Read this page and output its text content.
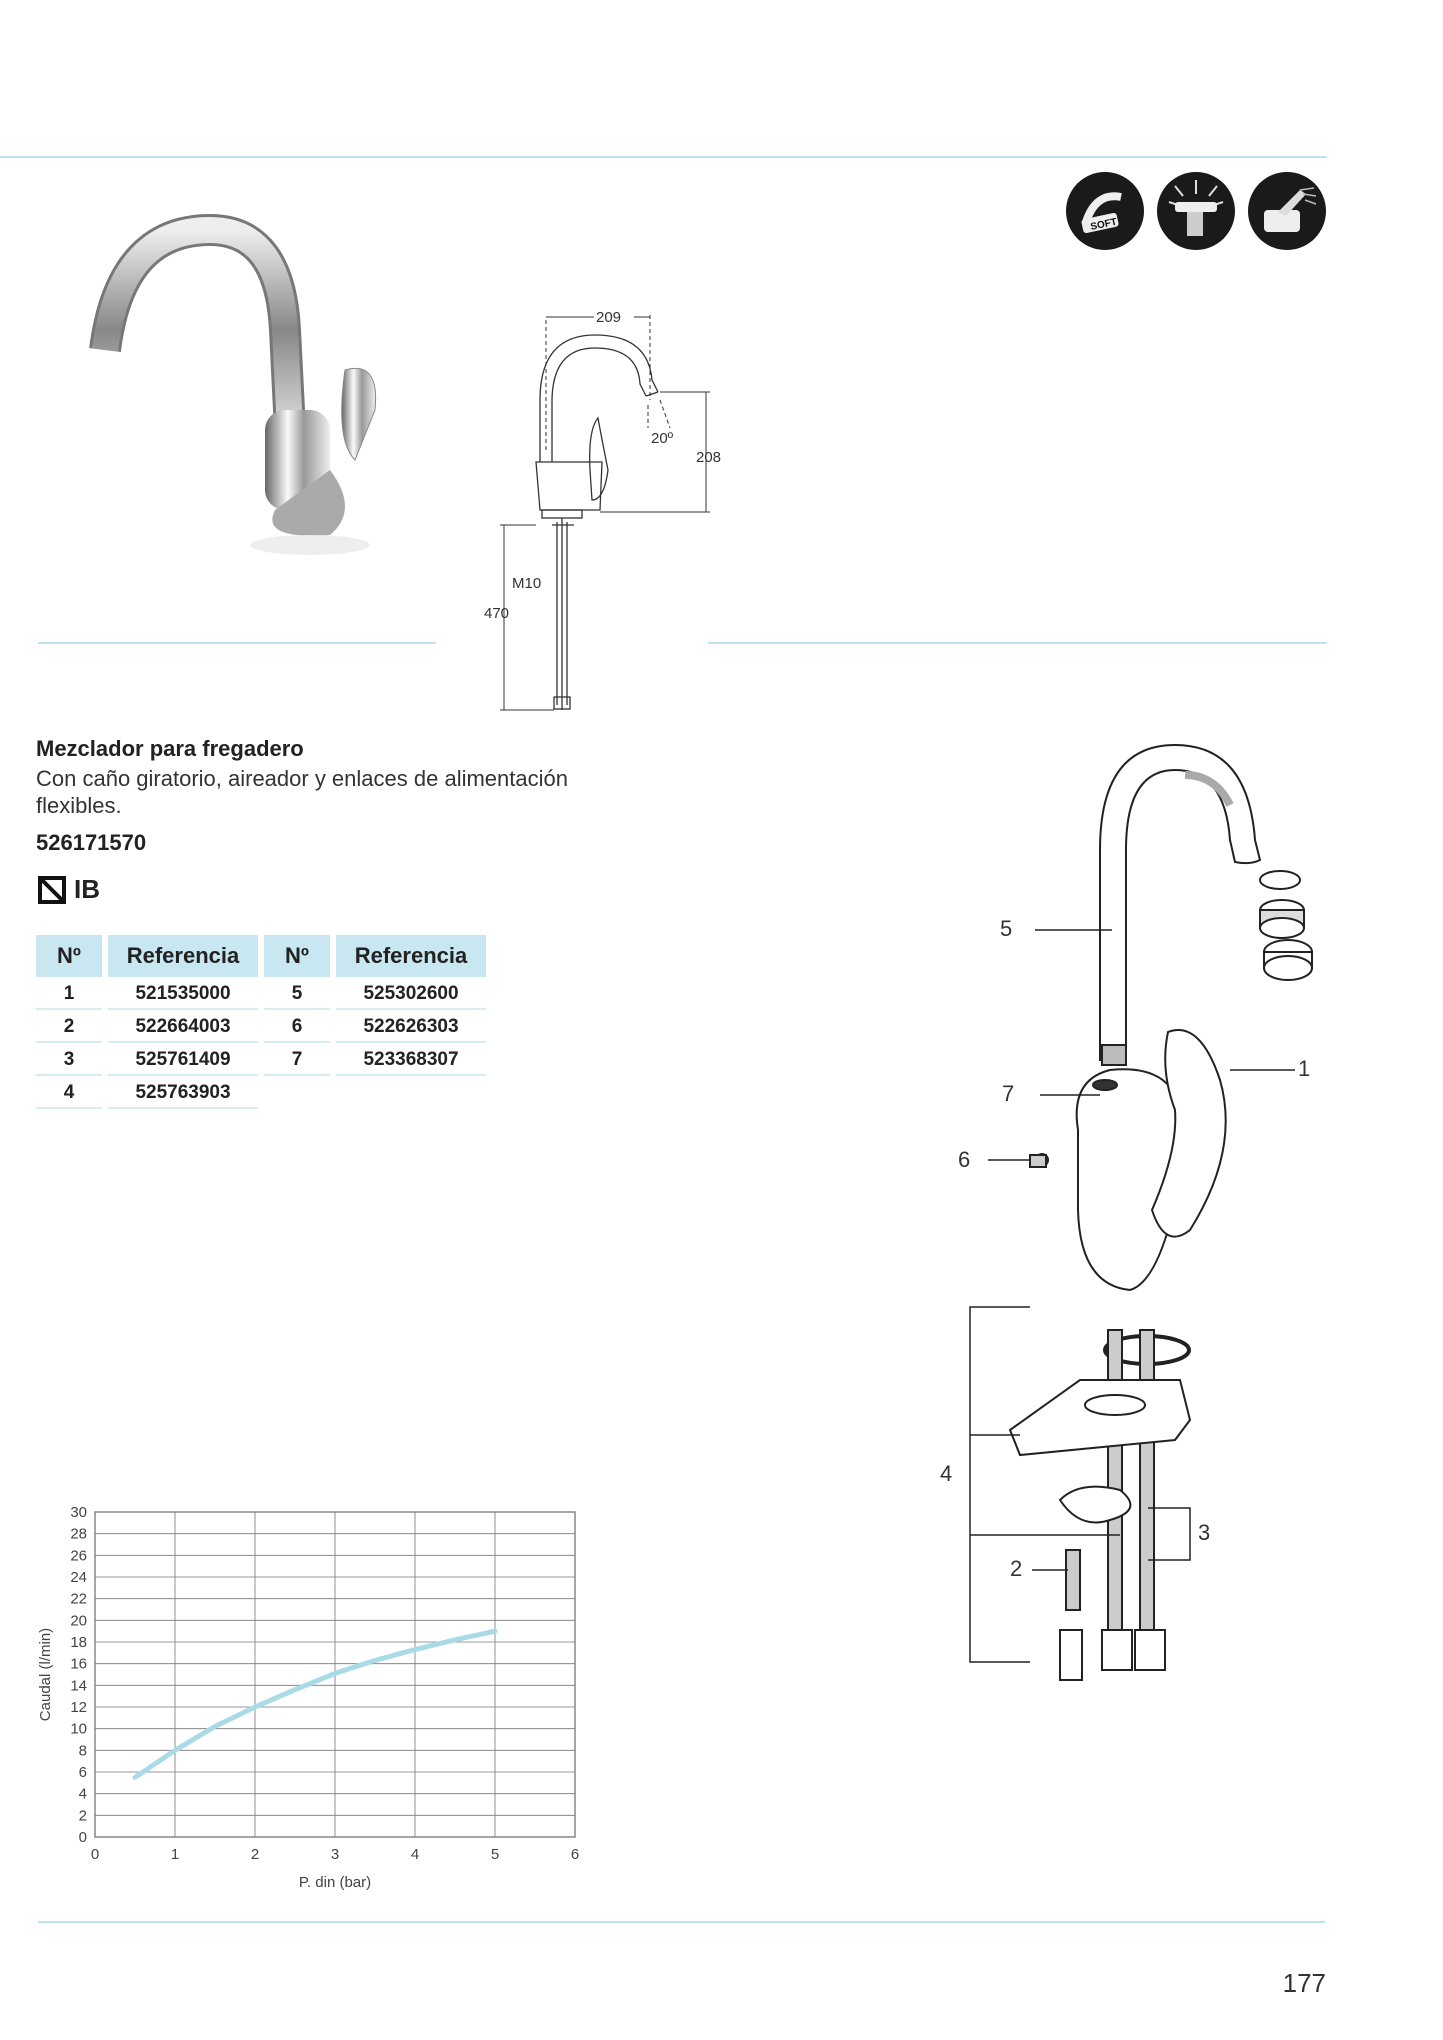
SOFT
209
208
20º
M10
470
Mezclador para fregadero
Con caño giratorio, aireador y enlaces de alimentación flexibles.
526171570
IB
Nº	Referencia	Nº	Referencia
1	521535000	5	525302600
2	522664003	6	522626303
3	525761409	7	523368307
4	525763903		
5
1
7
6
4
3
2
0
2
4
6
8
10
12
14
16
18
20
22
24
26
28
30
0	1	2	3	4	5	6
P. din (bar)
Caudal (l/min)
177
